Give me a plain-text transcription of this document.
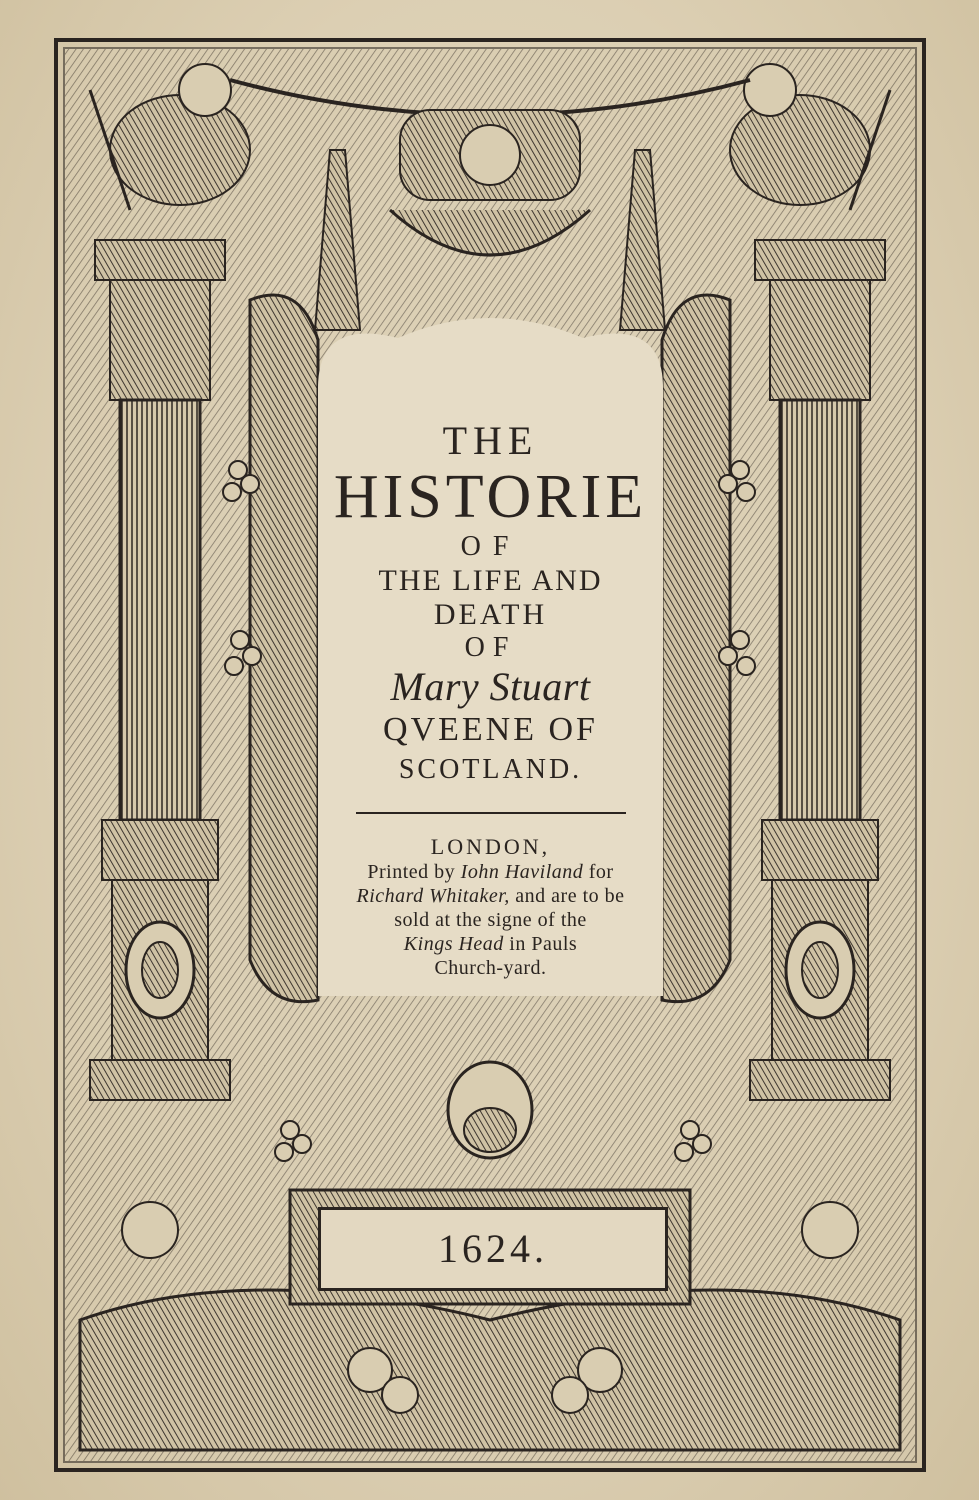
THE
HISTORIE
OF
THE LIFE AND
DEATH
OF
Mary Stuart
QVEENE OF
SCOTLAND.
LONDON,
Printed by Iohn Haviland for
Richard Whitaker, and are to be
sold at the signe of the
Kings Head in Pauls
Church-yard.
1624.
